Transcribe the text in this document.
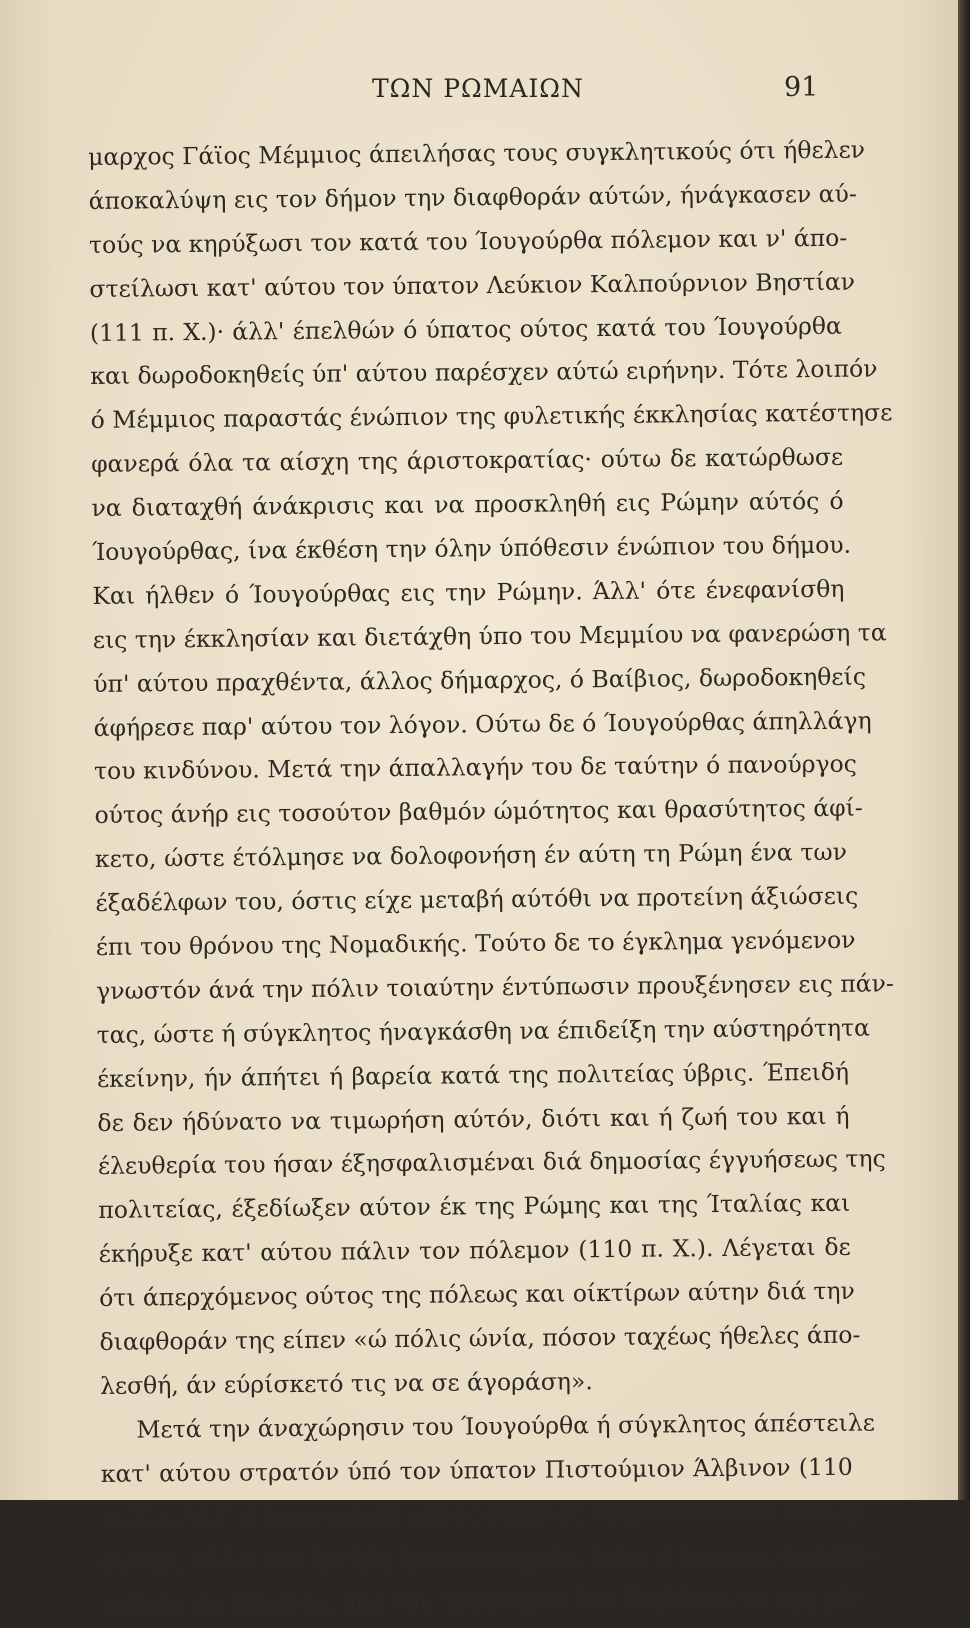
ΤΩΝ ΡΩΜΑΙΩΝ	91
μαρχος Γάϊος Μέμμιος άπειλήσας τους συγκλητικούς ότι ήθελεν
άποκαλύψη εις τον δήμον την διαφθοράν αύτών, ήνάγκασεν αύ-
τούς να κηρύξωσι τον κατά του Ίουγούρθα πόλεμον και ν' άπο-
στείλωσι κατ' αύτου τον ύπατον Λεύκιον Καλπούρνιον Βηστίαν
(111 π. Χ.)· άλλ' έπελθών ό ύπατος ούτος κατά του Ίουγούρθα
και δωροδοκηθείς ύπ' αύτου παρέσχεν αύτώ ειρήνην. Τότε λοιπόν
ό Μέμμιος παραστάς ένώπιον της φυλετικής έκκλησίας κατέστησε
φανερά όλα τα αίσχη της άριστοκρατίας· ούτω δε κατώρθωσε
να διαταχθή άνάκρισις και να προσκληθή εις Ρώμην αύτός ό
Ίουγούρθας, ίνα έκθέση την όλην ύπόθεσιν ένώπιον του δήμου.
Και ήλθεν ό Ίουγούρθας εις την Ρώμην. Άλλ' ότε ένεφανίσθη
εις την έκκλησίαν και διετάχθη ύπο του Μεμμίου να φανερώση τα
ύπ' αύτου πραχθέντα, άλλος δήμαρχος, ό Βαίβιος, δωροδοκηθείς
άφήρεσε παρ' αύτου τον λόγον. Ούτω δε ό Ίουγούρθας άπηλλάγη
του κινδύνου. Μετά την άπαλλαγήν του δε ταύτην ό πανούργος
ούτος άνήρ εις τοσούτον βαθμόν ώμότητος και θρασύτητος άφί-
κετο, ώστε έτόλμησε να δολοφονήση έν αύτη τη Ρώμη ένα των
έξαδέλφων του, όστις είχε μεταβή αύτόθι να προτείνη άξιώσεις
έπι του θρόνου της Νομαδικής. Τούτο δε το έγκλημα γενόμενον
γνωστόν άνά την πόλιν τοιαύτην έντύπωσιν προυξένησεν εις πάν-
τας, ώστε ή σύγκλητος ήναγκάσθη να έπιδείξη την αύστηρότητα
έκείνην, ήν άπήτει ή βαρεία κατά της πολιτείας ύβρις. Έπειδή
δε δεν ήδύνατο να τιμωρήση αύτόν, διότι και ή ζωή του και ή
έλευθερία του ήσαν έξησφαλισμέναι διά δημοσίας έγγυήσεως της
πολιτείας, έξεδίωξεν αύτον έκ της Ρώμης και της Ίταλίας και
έκήρυξε κατ' αύτου πάλιν τον πόλεμον (110 π. Χ.). Λέγεται δε
ότι άπερχόμενος ούτος της πόλεως και οίκτίρων αύτην διά την
διαφθοράν της είπεν «ώ πόλις ώνία, πόσον ταχέως ήθελες άπο-
λεσθή, άν εύρίσκετό τις να σε άγοράση».
Μετά την άναχώρησιν του Ίουγούρθα ή σύγκλητος άπέστειλε
κατ' αύτου στρατόν ύπό τον ύπατον Πιστούμιον Άλβινον (110
π. Χ.). Άλλ' ό άποσταλείς ούτος στρατός ού μόνον ούδεν κατώρ-
θωσεν, άλλα και ήττήθη ήτταν αίσχράν, διότι ό ύπατος, δωροδο-
κηθείς, ώς λέγεται, ύπό του Ίουγούρθα δεν διηύθυνε τα της μά-
